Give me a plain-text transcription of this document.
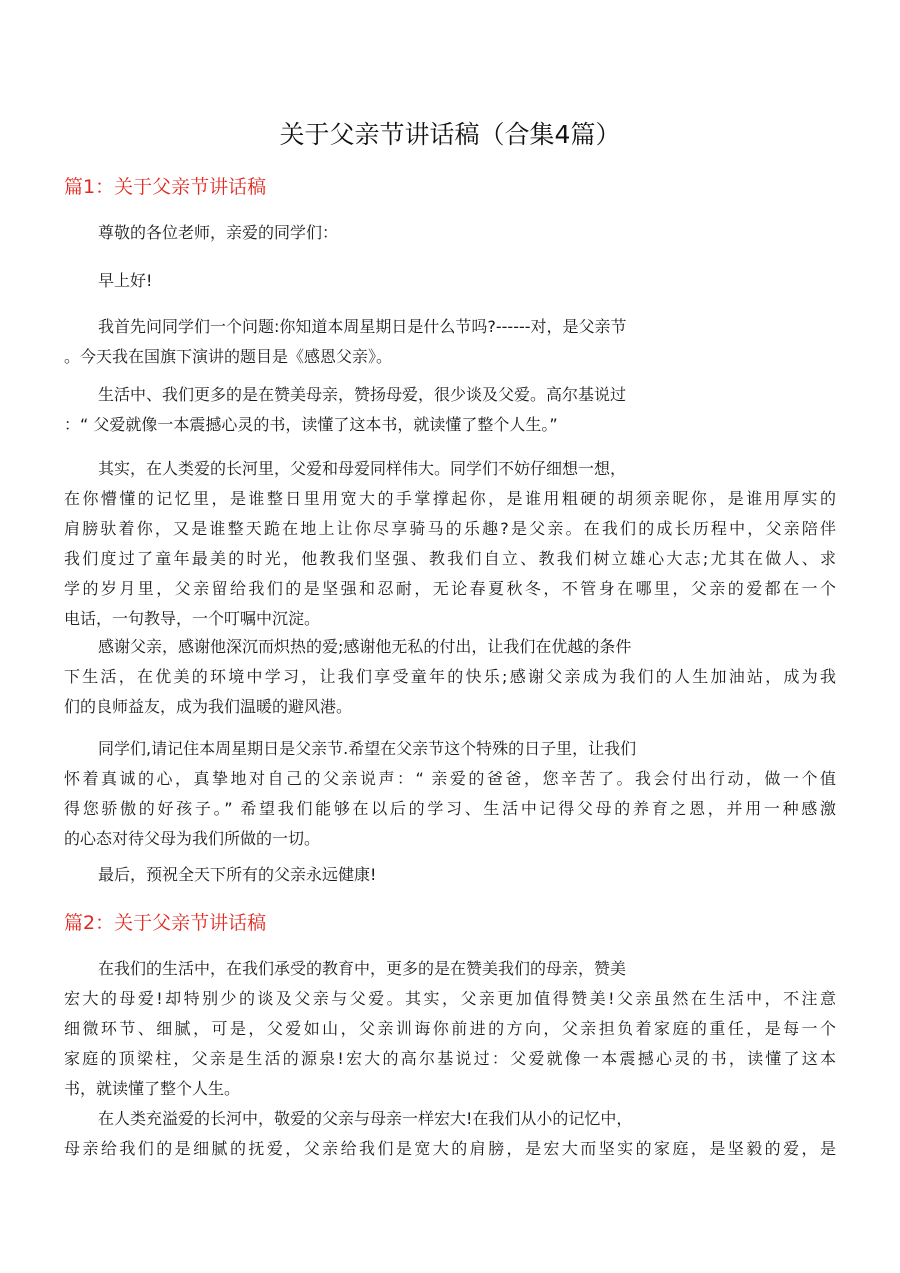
关于父亲节讲话稿（合集4篇）
篇1：关于父亲节讲话稿

尊敬的各位老师，亲爱的同学们：

早上好!

我首先问同学们一个问题:你知道本周星期日是什么节吗?------对，是父亲节
。今天我在国旗下演讲的题目是《感恩父亲》。

生活中、我们更多的是在赞美母亲，赞扬母爱，很少谈及父爱。高尔基说过
：“ 父爱就像一本震撼心灵的书，读懂了这本书，就读懂了整个人生。”

其实，在人类爱的长河里，父爱和母爱同样伟大。同学们不妨仔细想一想，
在你懵懂的记忆里，是谁整日里用宽大的手掌撑起你，是谁用粗硬的胡须亲昵你，是谁用厚实的
肩膀驮着你，又是谁整天跪在地上让你尽享骑马的乐趣?是父亲。在我们的成长历程中，父亲陪伴
我们度过了童年最美的时光，他教我们坚强、教我们自立、教我们树立雄心大志;尤其在做人、求
学的岁月里，父亲留给我们的是坚强和忍耐，无论春夏秋冬，不管身在哪里，父亲的爱都在一个
电话，一句教导，一个叮嘱中沉淀。

感谢父亲，感谢他深沉而炽热的爱;感谢他无私的付出，让我们在优越的条件
下生活，在优美的环境中学习，让我们享受童年的快乐;感谢父亲成为我们的人生加油站，成为我
们的良师益友，成为我们温暖的避风港。

同学们,请记住本周星期日是父亲节.希望在父亲节这个特殊的日子里，让我们
怀着真诚的心，真挚地对自己的父亲说声：“ 亲爱的爸爸，您辛苦了。我会付出行动，做一个值
得您骄傲的好孩子。” 希望我们能够在以后的学习、生活中记得父母的养育之恩，并用一种感激
的心态对待父母为我们所做的一切。

最后，预祝全天下所有的父亲永远健康!

篇2：关于父亲节讲话稿

在我们的生活中，在我们承受的教育中，更多的是在赞美我们的母亲，赞美
宏大的母爱!却特别少的谈及父亲与父爱。其实，父亲更加值得赞美!父亲虽然在生活中，不注意
细微环节、细腻，可是，父爱如山，父亲训诲你前进的方向，父亲担负着家庭的重任，是每一个
家庭的顶梁柱，父亲是生活的源泉!宏大的高尔基说过：父爱就像一本震撼心灵的书，读懂了这本
书，就读懂了整个人生。

在人类充溢爱的长河中，敬爱的父亲与母亲一样宏大!在我们从小的记忆中，
母亲给我们的是细腻的抚爱，父亲给我们是宽大的肩膀，是宏大而坚实的家庭，是坚毅的爱，是
